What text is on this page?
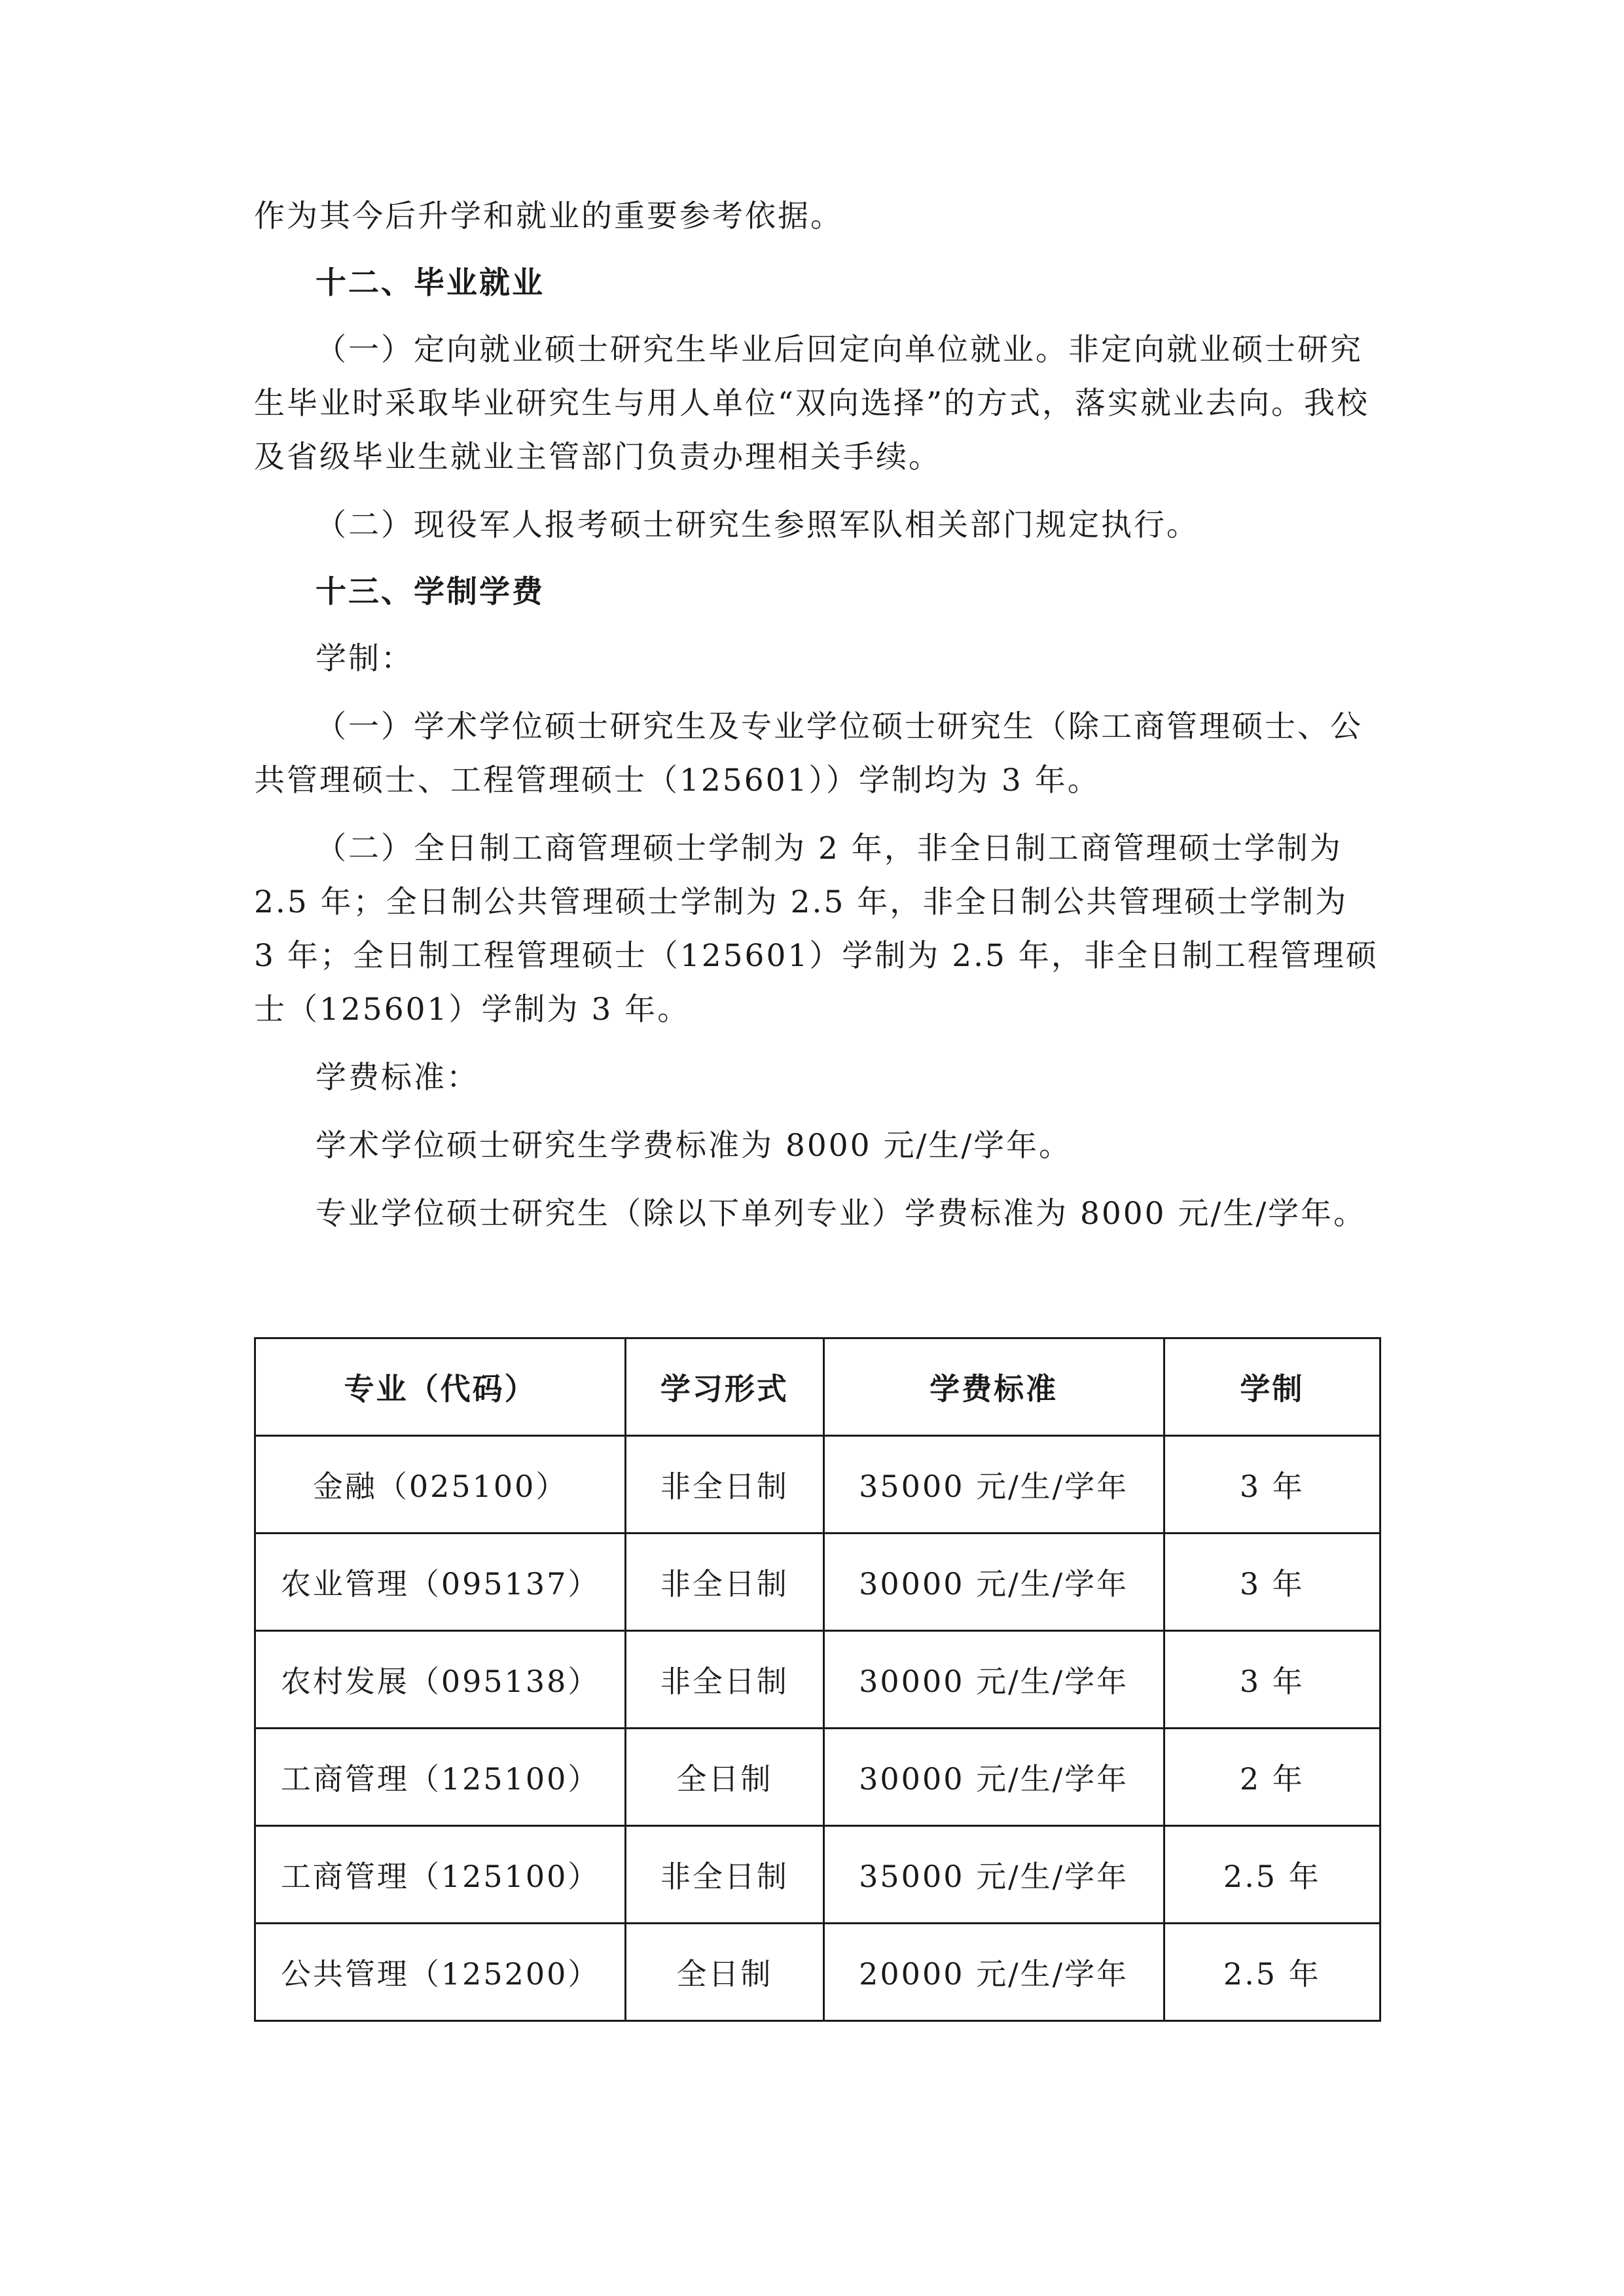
作为其今后升学和就业的重要参考依据。

十二、毕业就业

（一）定向就业硕士研究生毕业后回定向单位就业。非定向就业硕士研究生毕业时采取毕业研究生与用人单位“双向选择”的方式，落实就业去向。我校及省级毕业生就业主管部门负责办理相关手续。

（二）现役军人报考硕士研究生参照军队相关部门规定执行。

十三、学制学费

学制：

（一）学术学位硕士研究生及专业学位硕士研究生（除工商管理硕士、公共管理硕士、工程管理硕士（125601））学制均为 3 年。

（二）全日制工商管理硕士学制为 2 年，非全日制工商管理硕士学制为 2.5 年；全日制公共管理硕士学制为 2.5 年，非全日制公共管理硕士学制为 3 年；全日制工程管理硕士（125601）学制为 2.5 年，非全日制工程管理硕士（125601）学制为 3 年。

学费标准：

学术学位硕士研究生学费标准为 8000 元/生/学年。

专业学位硕士研究生（除以下单列专业）学费标准为 8000 元/生/学年。

专业（代码）	学习形式	学费标准	学制
金融（025100）	非全日制	35000 元/生/学年	3 年
农业管理（095137）	非全日制	30000 元/生/学年	3 年
农村发展（095138）	非全日制	30000 元/生/学年	3 年
工商管理（125100）	全日制	30000 元/生/学年	2 年
工商管理（125100）	非全日制	35000 元/生/学年	2.5 年
公共管理（125200）	全日制	20000 元/生/学年	2.5 年
